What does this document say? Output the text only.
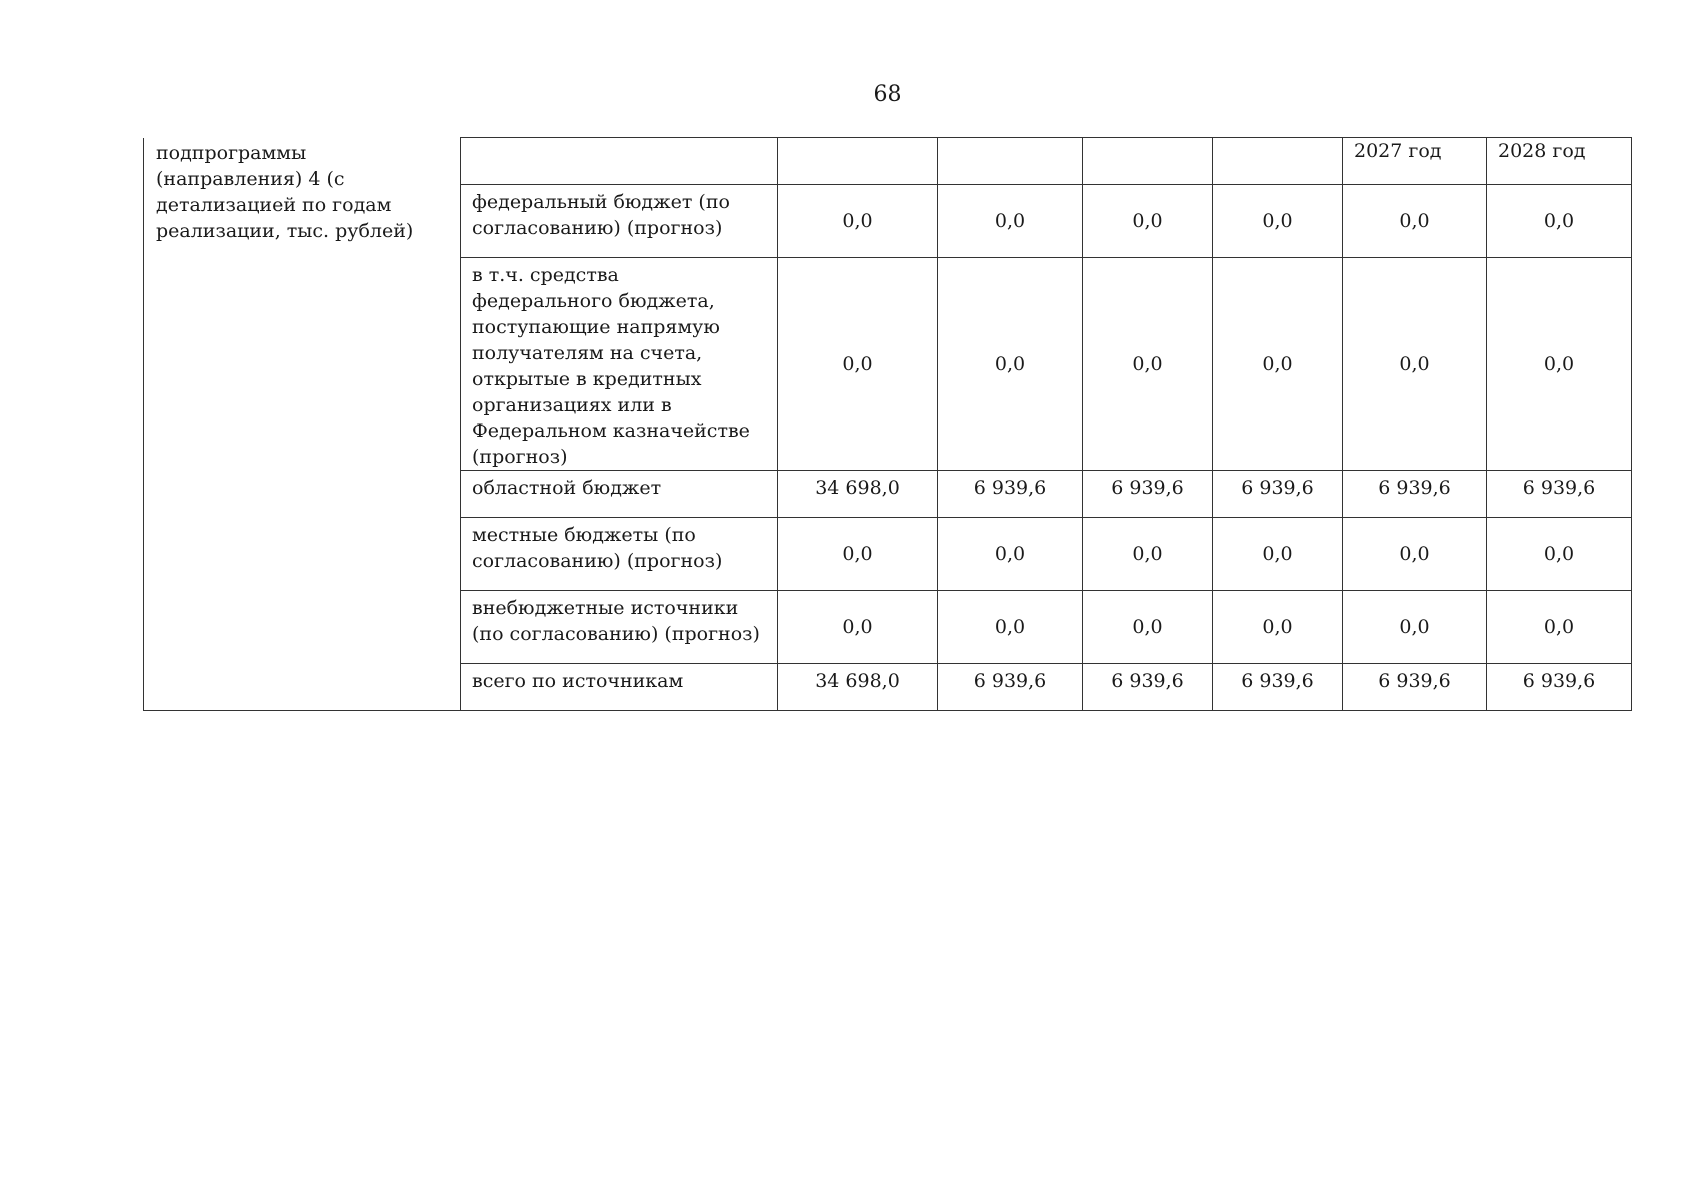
68
подпрограммы (направления) 4 (с детализацией по годам реализации, тыс. рублей)						2027 год	2028 год
	федеральный бюджет (по согласованию) (прогноз)	0,0	0,0	0,0	0,0	0,0	0,0
	в т.ч. средства федерального бюджета, поступающие напрямую получателям на счета, открытые в кредитных организациях или в Федеральном казначействе (прогноз)	0,0	0,0	0,0	0,0	0,0	0,0
	областной бюджет	34 698,0	6 939,6	6 939,6	6 939,6	6 939,6	6 939,6
	местные бюджеты (по согласованию) (прогноз)	0,0	0,0	0,0	0,0	0,0	0,0
	внебюджетные источники (по согласованию) (прогноз)	0,0	0,0	0,0	0,0	0,0	0,0
	всего по источникам	34 698,0	6 939,6	6 939,6	6 939,6	6 939,6	6 939,6
